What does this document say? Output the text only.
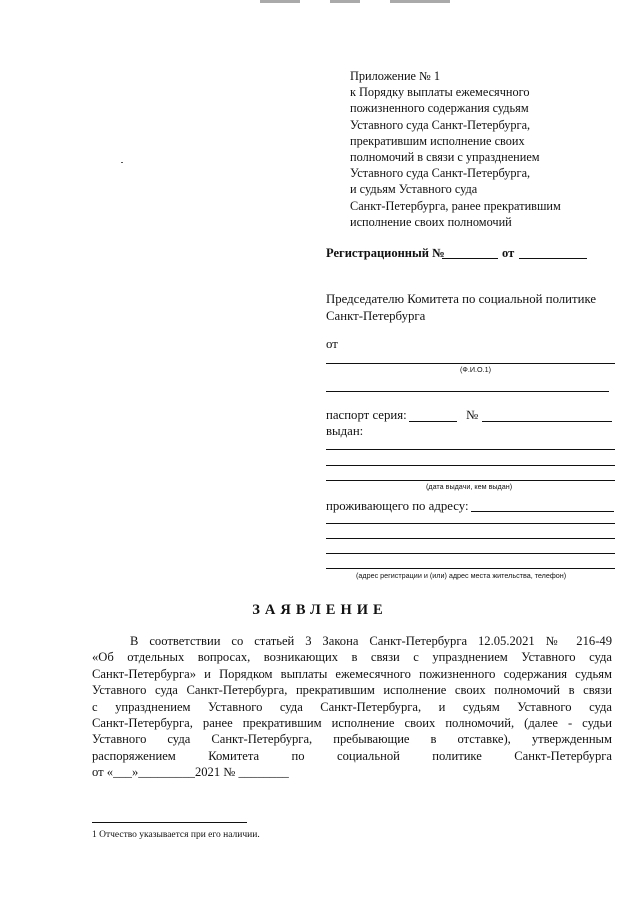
Приложение № 1
к Порядку выплаты ежемесячного
пожизненного содержания судьям
Уставного суда Санкт-Петербурга,
прекратившим исполнение своих
полномочий в связи с упразднением
Уставного суда Санкт-Петербурга,
и судьям Уставного суда
Санкт-Петербурга, ранее прекратившим
исполнение своих полномочий
Регистрационный №	от
Председателю Комитета по социальной политике
Санкт-Петербурга
от
(Ф.И.О.1)
паспорт серия:	№
выдан:
(дата выдачи, кем выдан)
проживающего по адресу:
(адрес регистрации и (или) адрес места жительства, телефон)
ЗАЯВЛЕНИЕ
В соответствии со статьей 3 Закона Санкт-Петербурга 12.05.2021 № 216-49
«Об отдельных вопросах, возникающих в связи с упразднением Уставного суда
Санкт-Петербурга» и Порядком выплаты ежемесячного пожизненного содержания судьям
Уставного суда Санкт-Петербурга, прекратившим исполнение своих полномочий в связи
с упразднением Уставного суда Санкт-Петербурга, и судьям Уставного суда
Санкт-Петербурга, ранее прекратившим исполнение своих полномочий, (далее - судьи
Уставного суда Санкт-Петербурга, пребывающие в отставке), утвержденным
распоряжением Комитета по социальной политике Санкт-Петербурга
от «___»_________2021 № ________
1 Отчество указывается при его наличии.
